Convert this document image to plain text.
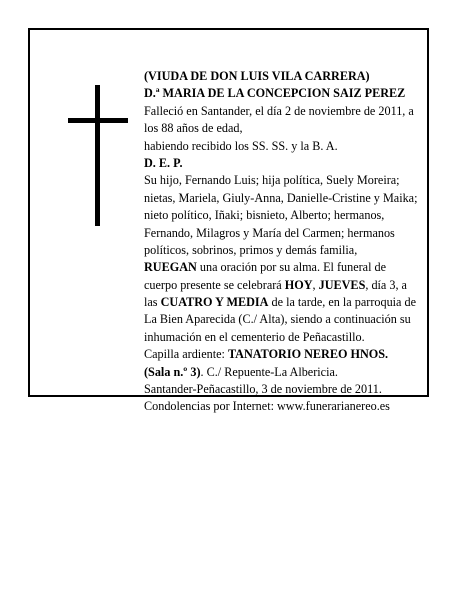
(VIUDA DE DON LUIS VILA CARRERA)
D.ª MARIA DE LA CONCEPCION SAIZ PEREZ
Falleció en Santander, el día 2 de noviembre de 2011, a
los 88 años de edad,
habiendo recibido los SS. SS. y la B. A.
D. E. P.
Su hijo, Fernando Luis; hija política, Suely Moreira;
nietas, Mariela, Giuly-Anna, Danielle-Cristine y Maika;
nieto político, Iñaki; bisnieto, Alberto; hermanos,
Fernando, Milagros y María del Carmen; hermanos
políticos, sobrinos, primos y demás familia,
RUEGAN una oración por su alma. El funeral de
cuerpo presente se celebrará HOY, JUEVES, día 3, a
las CUATRO Y MEDIA de la tarde, en la parroquia de
La Bien Aparecida (C./ Alta), siendo a continuación su
inhumación en el cementerio de Peñacastillo.
Capilla ardiente: TANATORIO NEREO HNOS.
(Sala n.º 3). C./ Repuente-La Albericia.
Santander-Peñacastillo, 3 de noviembre de 2011.
Condolencias por Internet: www.funerarianereo.es
